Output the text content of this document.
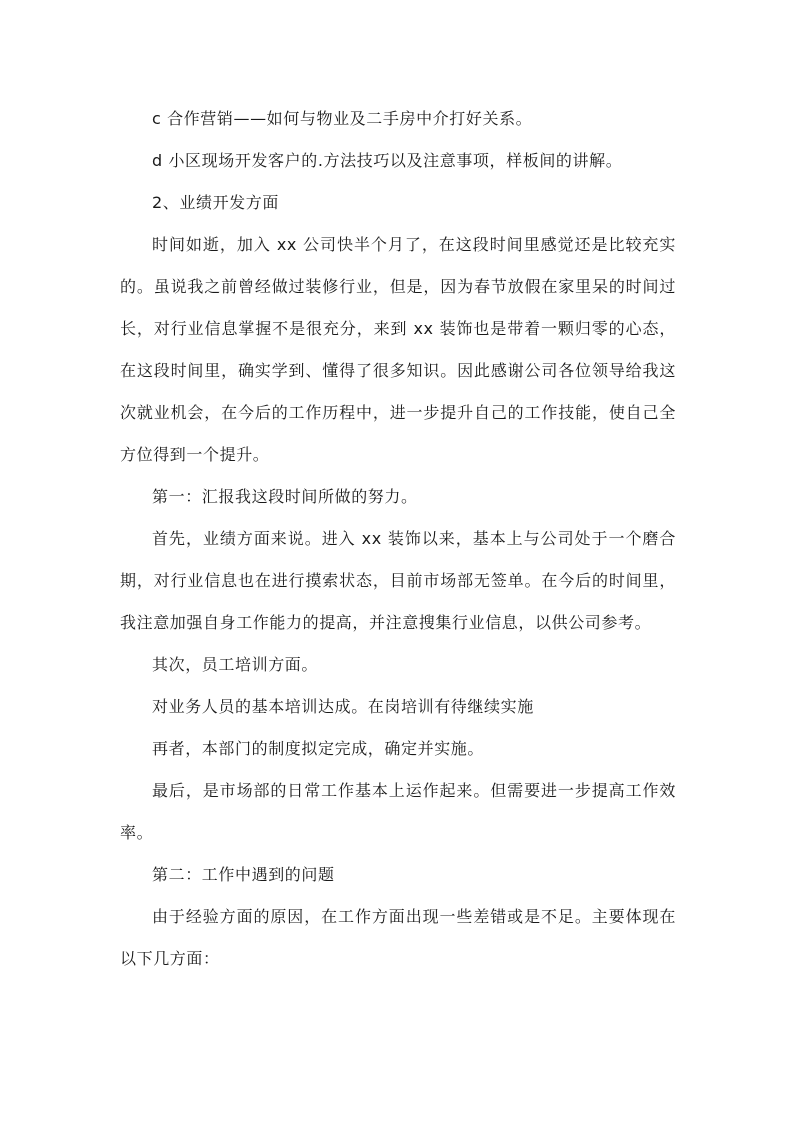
c 合作营销——如何与物业及二手房中介打好关系。

d 小区现场开发客户的.方法技巧以及注意事项，样板间的讲解。

2、业绩开发方面

时间如逝，加入 xx 公司快半个月了，在这段时间里感觉还是比较充实的。虽说我之前曾经做过装修行业，但是，因为春节放假在家里呆的时间过长，对行业信息掌握不是很充分，来到 xx 装饰也是带着一颗归零的心态，在这段时间里，确实学到、懂得了很多知识。因此感谢公司各位领导给我这次就业机会，在今后的工作历程中，进一步提升自己的工作技能，使自己全方位得到一个提升。

第一：汇报我这段时间所做的努力。

首先，业绩方面来说。进入 xx 装饰以来，基本上与公司处于一个磨合期，对行业信息也在进行摸索状态，目前市场部无签单。在今后的时间里，我注意加强自身工作能力的提高，并注意搜集行业信息，以供公司参考。

其次，员工培训方面。

对业务人员的基本培训达成。在岗培训有待继续实施

再者，本部门的制度拟定完成，确定并实施。

最后，是市场部的日常工作基本上运作起来。但需要进一步提高工作效率。

第二：工作中遇到的问题

由于经验方面的原因，在工作方面出现一些差错或是不足。主要体现在以下几方面：
